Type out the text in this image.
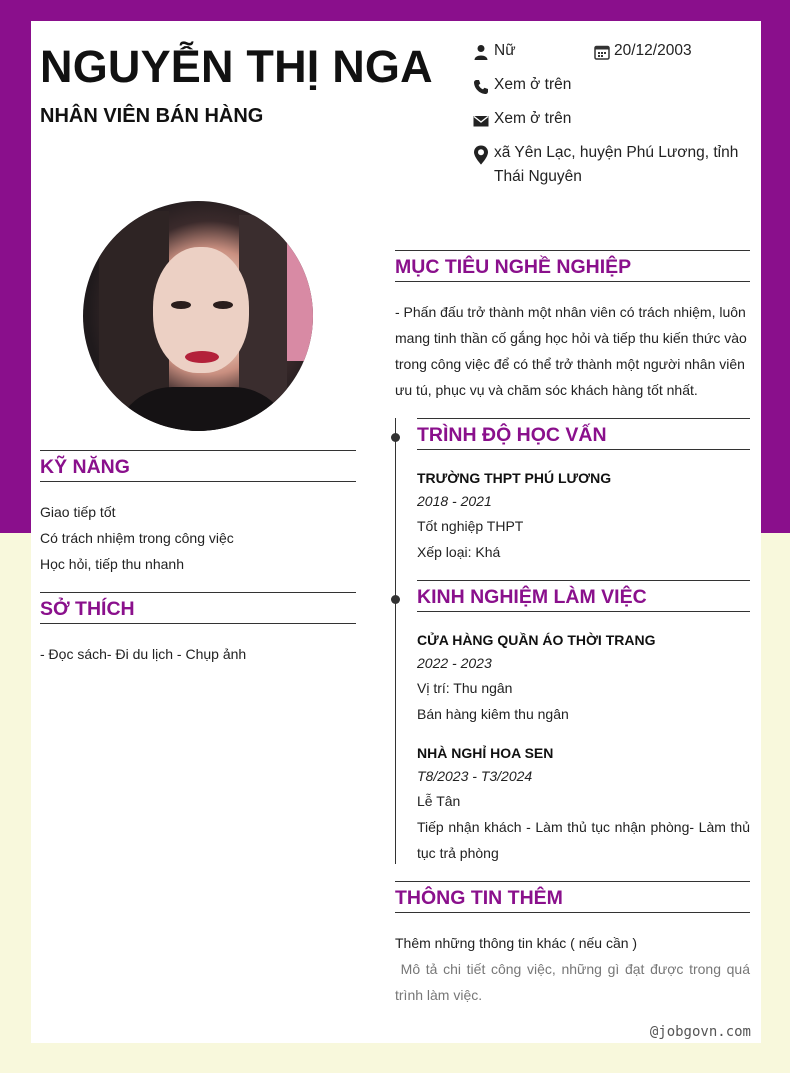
NGUYỄN THỊ NGA
NHÂN VIÊN BÁN HÀNG
Nữ	20/12/2003
Xem ở trên
Xem ở trên
xã Yên Lạc, huyện Phú Lương, tỉnh
Thái Nguyên
KỸ NĂNG
Giao tiếp tốt
Có trách nhiệm trong công việc
Học hỏi, tiếp thu nhanh
SỞ THÍCH
- Đọc sách- Đi du lịch - Chụp ảnh
MỤC TIÊU NGHỀ NGHIỆP
- Phấn đấu trở thành một nhân viên có trách nhiệm, luôn
mang tinh thần cố gắng học hỏi và tiếp thu kiến thức vào
trong công việc để có thể trở thành một người nhân viên
ưu tú, phục vụ và chăm sóc khách hàng tốt nhất.
TRÌNH ĐỘ HỌC VẤN
TRƯỜNG THPT PHÚ LƯƠNG
2018 - 2021
Tốt nghiệp THPT
Xếp loại: Khá
KINH NGHIỆM LÀM VIỆC
CỬA HÀNG QUẦN ÁO THỜI TRANG
2022 - 2023
Vị trí: Thu ngân
Bán hàng kiêm thu ngân
NHÀ NGHỈ HOA SEN
T8/2023 - T3/2024
Lễ Tân
Tiếp nhận khách - Làm thủ tục nhận phòng- Làm thủ
tục trả phòng
THÔNG TIN THÊM
Thêm những thông tin khác ( nếu cần )
Mô tả chi tiết công việc, những gì đạt được trong quá
trình làm việc.
@jobgovn.com
